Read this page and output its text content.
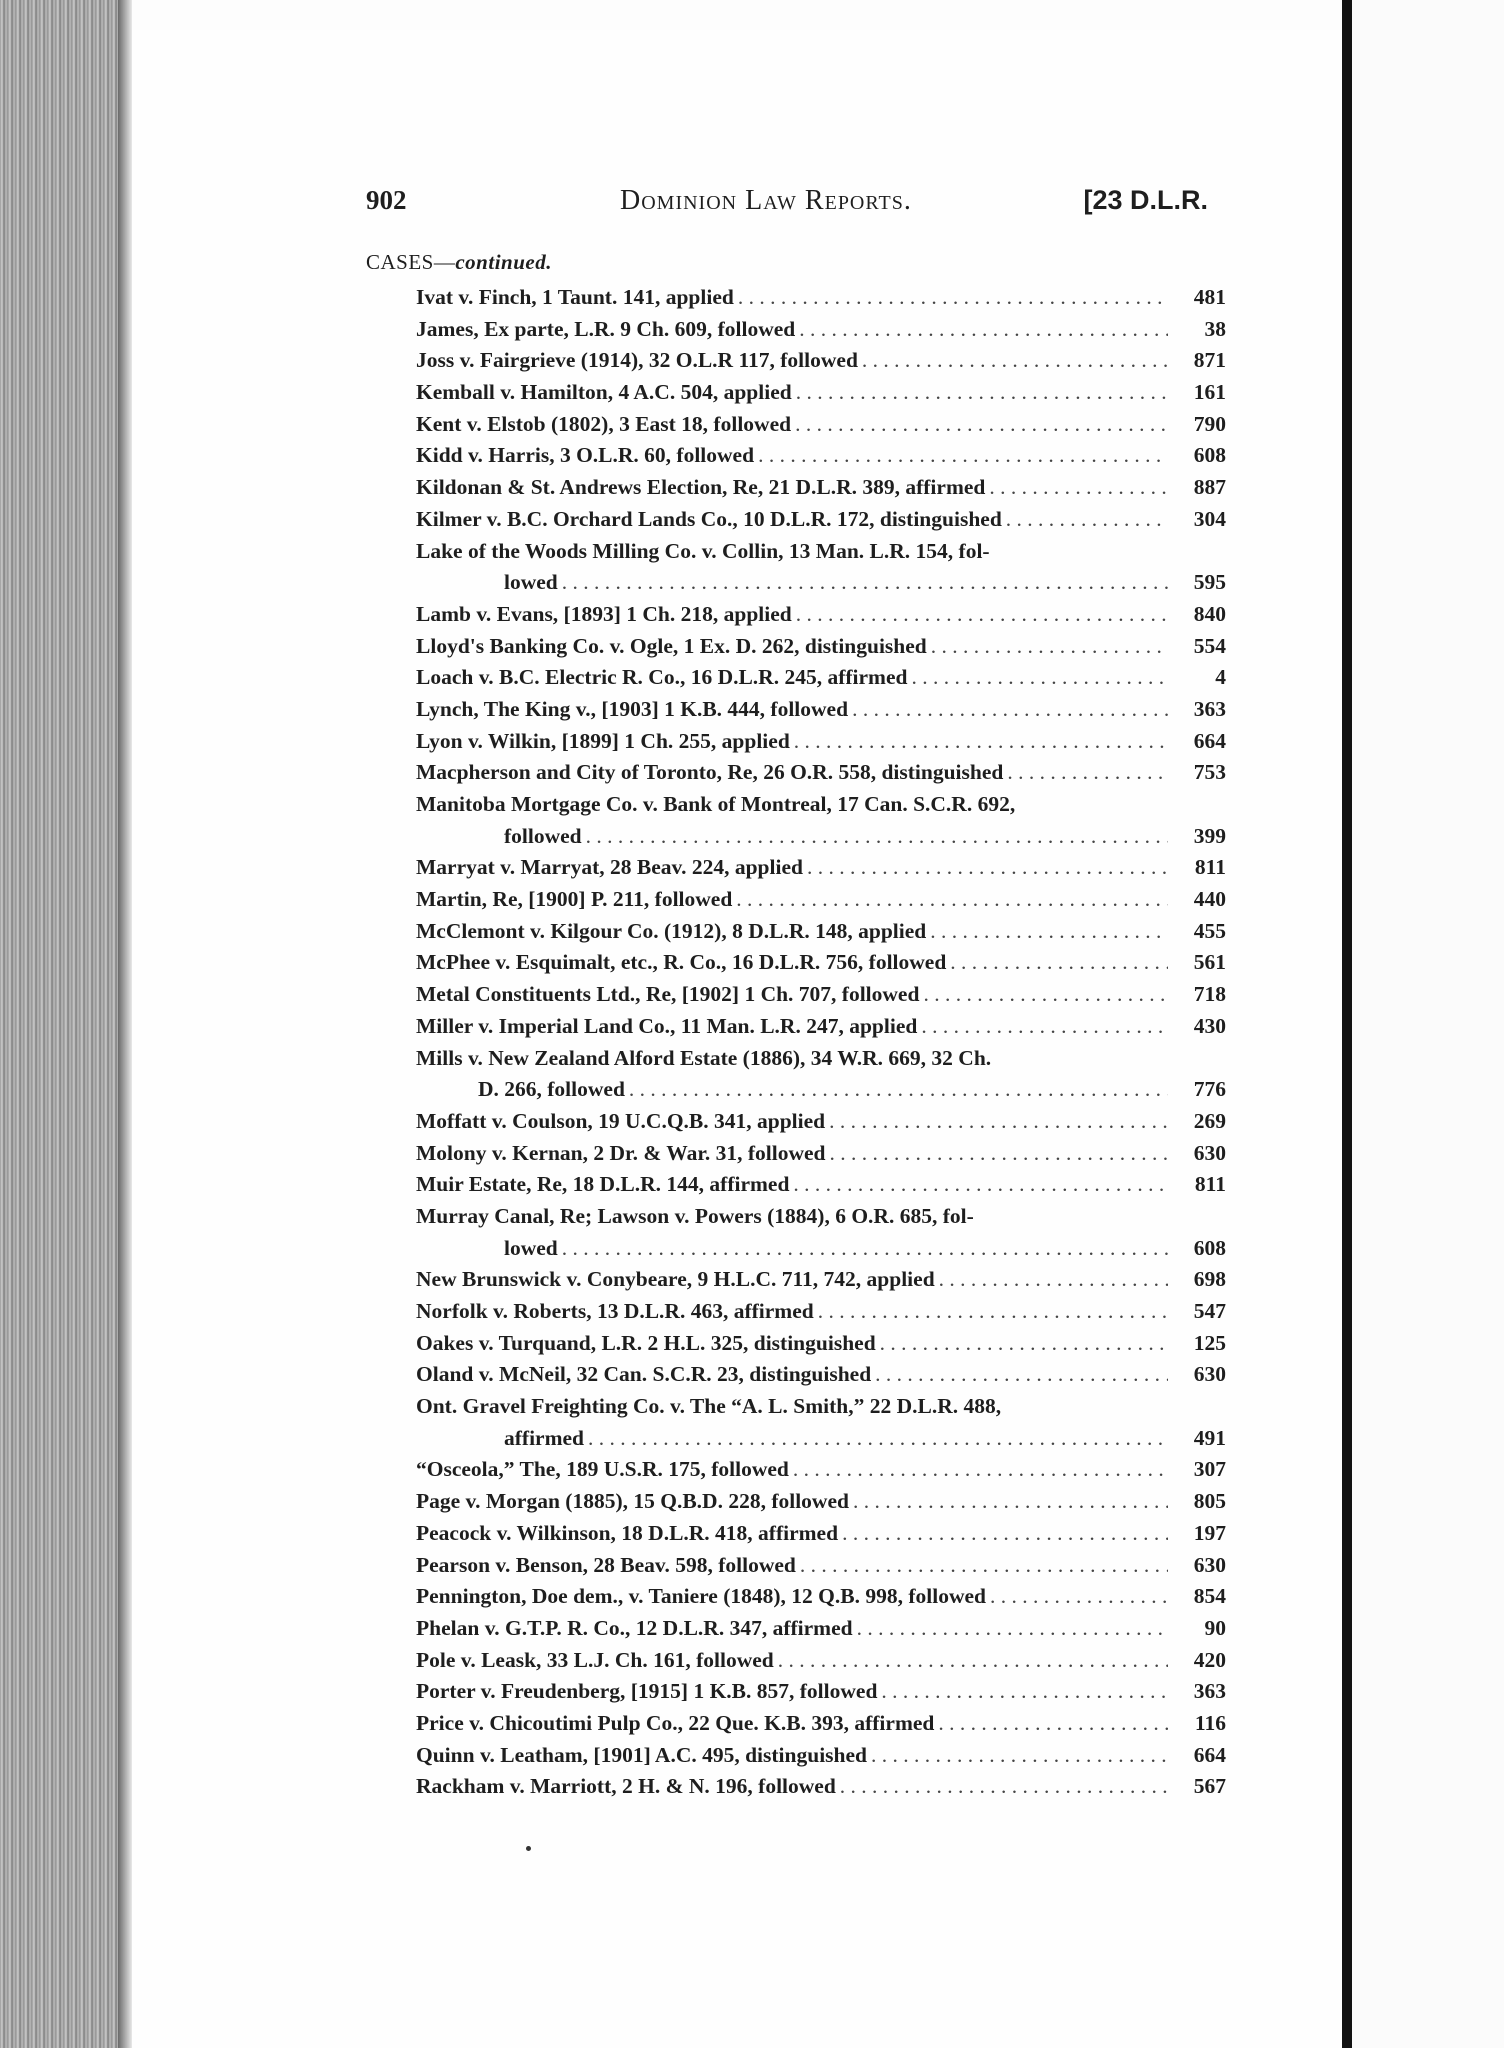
902	Dominion Law Reports.	[23 D.L.R.
CASES—continued.
Ivat v. Finch, 1 Taunt. 141, applied . . .	481
James, Ex parte, L.R. 9 Ch. 609, followed . . .	38
Joss v. Fairgrieve (1914), 32 O.L.R 117, followed . . .	871
Kemball v. Hamilton, 4 A.C. 504, applied . . .	161
Kent v. Elstob (1802), 3 East 18, followed . . .	790
Kidd v. Harris, 3 O.L.R. 60, followed . . .	608
Kildonan & St. Andrews Election, Re, 21 D.L.R. 389, affirmed . . .	887
Kilmer v. B.C. Orchard Lands Co., 10 D.L.R. 172, distinguished . . .	304
Lake of the Woods Milling Co. v. Collin, 13 Man. L.R. 154, fol-
lowed . . .	595
Lamb v. Evans, [1893] 1 Ch. 218, applied . . .	840
Lloyd's Banking Co. v. Ogle, 1 Ex. D. 262, distinguished . . .	554
Loach v. B.C. Electric R. Co., 16 D.L.R. 245, affirmed . . .	4
Lynch, The King v., [1903] 1 K.B. 444, followed . . .	363
Lyon v. Wilkin, [1899] 1 Ch. 255, applied . . .	664
Macpherson and City of Toronto, Re, 26 O.R. 558, distinguished . . .	753
Manitoba Mortgage Co. v. Bank of Montreal, 17 Can. S.C.R. 692,
followed . . .	399
Marryat v. Marryat, 28 Beav. 224, applied . . .	811
Martin, Re, [1900] P. 211, followed . . .	440
McClemont v. Kilgour Co. (1912), 8 D.L.R. 148, applied . . .	455
McPhee v. Esquimalt, etc., R. Co., 16 D.L.R. 756, followed . . .	561
Metal Constituents Ltd., Re, [1902] 1 Ch. 707, followed . . .	718
Miller v. Imperial Land Co., 11 Man. L.R. 247, applied . . .	430
Mills v. New Zealand Alford Estate (1886), 34 W.R. 669, 32 Ch.
D. 266, followed . . .	776
Moffatt v. Coulson, 19 U.C.Q.B. 341, applied . . .	269
Molony v. Kernan, 2 Dr. & War. 31, followed . . .	630
Muir Estate, Re, 18 D.L.R. 144, affirmed . . .	811
Murray Canal, Re; Lawson v. Powers (1884), 6 O.R. 685, fol-
lowed . . .	608
New Brunswick v. Conybeare, 9 H.L.C. 711, 742, applied . . .	698
Norfolk v. Roberts, 13 D.L.R. 463, affirmed . . .	547
Oakes v. Turquand, L.R. 2 H.L. 325, distinguished . . .	125
Oland v. McNeil, 32 Can. S.C.R. 23, distinguished . . .	630
Ont. Gravel Freighting Co. v. The “A. L. Smith,” 22 D.L.R. 488,
affirmed . . .	491
“Osceola,” The, 189 U.S.R. 175, followed . . .	307
Page v. Morgan (1885), 15 Q.B.D. 228, followed . . .	805
Peacock v. Wilkinson, 18 D.L.R. 418, affirmed . . .	197
Pearson v. Benson, 28 Beav. 598, followed . . .	630
Pennington, Doe dem., v. Taniere (1848), 12 Q.B. 998, followed . . .	854
Phelan v. G.T.P. R. Co., 12 D.L.R. 347, affirmed . . .	90
Pole v. Leask, 33 L.J. Ch. 161, followed . . .	420
Porter v. Freudenberg, [1915] 1 K.B. 857, followed . . .	363
Price v. Chicoutimi Pulp Co., 22 Que. K.B. 393, affirmed . . .	116
Quinn v. Leatham, [1901] A.C. 495, distinguished . . .	664
Rackham v. Marriott, 2 H. & N. 196, followed . . .	567
